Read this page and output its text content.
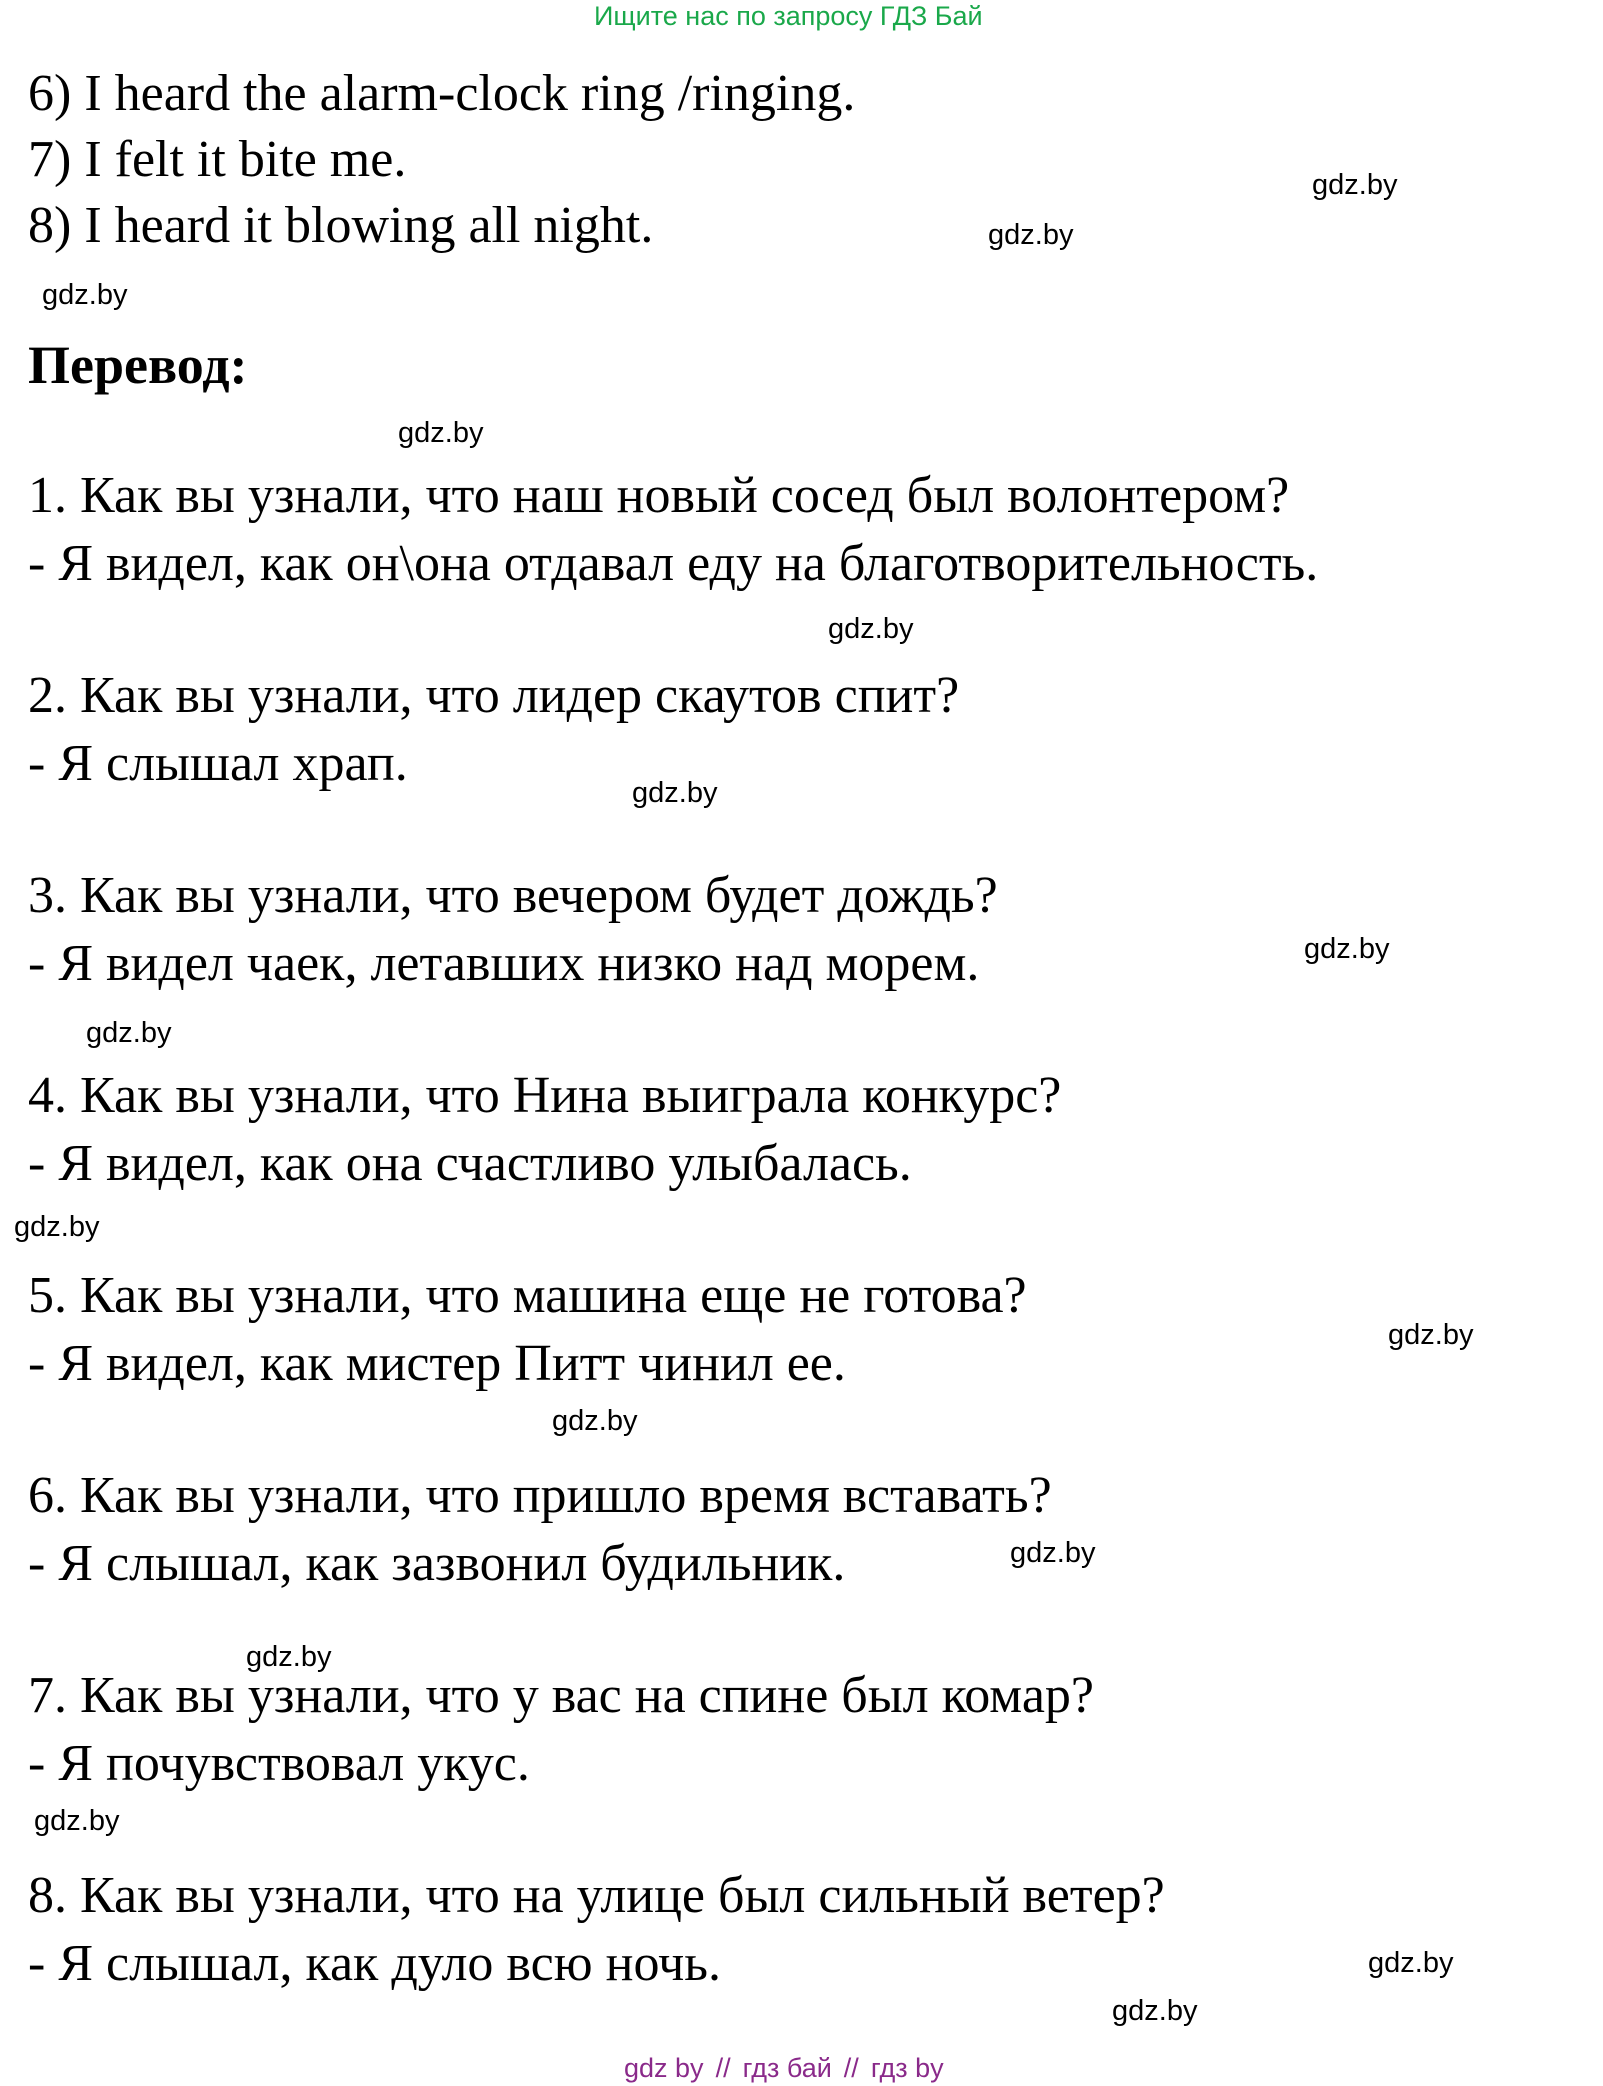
Ищите нас по запросу ГДЗ Бай
6) I heard the alarm-clock ring /ringing.
7) I felt it bite me.
8) I heard it blowing all night.
Перевод:
1. Как вы узнали, что наш новый сосед был волонтером?
- Я видел, как он\она отдавал еду на благотворительность.
2. Как вы узнали, что лидер скаутов спит?
- Я слышал храп.
3. Как вы узнали, что вечером будет дождь?
- Я видел чаек, летавших низко над морем.
4. Как вы узнали, что Нина выиграла конкурс?
- Я видел, как она счастливо улыбалась.
5. Как вы узнали, что машина еще не готова?
- Я видел, как мистер Питт чинил ее.
6. Как вы узнали, что пришло время вставать?
- Я слышал, как зазвонил будильник.
7. Как вы узнали, что у вас на спине был комар?
- Я почувствовал укус.
8. Как вы узнали, что на улице был сильный ветер?
- Я слышал, как дуло всю ночь.
gdz.by
gdz.by
gdz.by
gdz.by
gdz.by
gdz.by
gdz.by
gdz.by
gdz.by
gdz.by
gdz.by
gdz.by
gdz.by
gdz.by
gdz.by
gdz.by
gdz by // гдз бай // гдз by
